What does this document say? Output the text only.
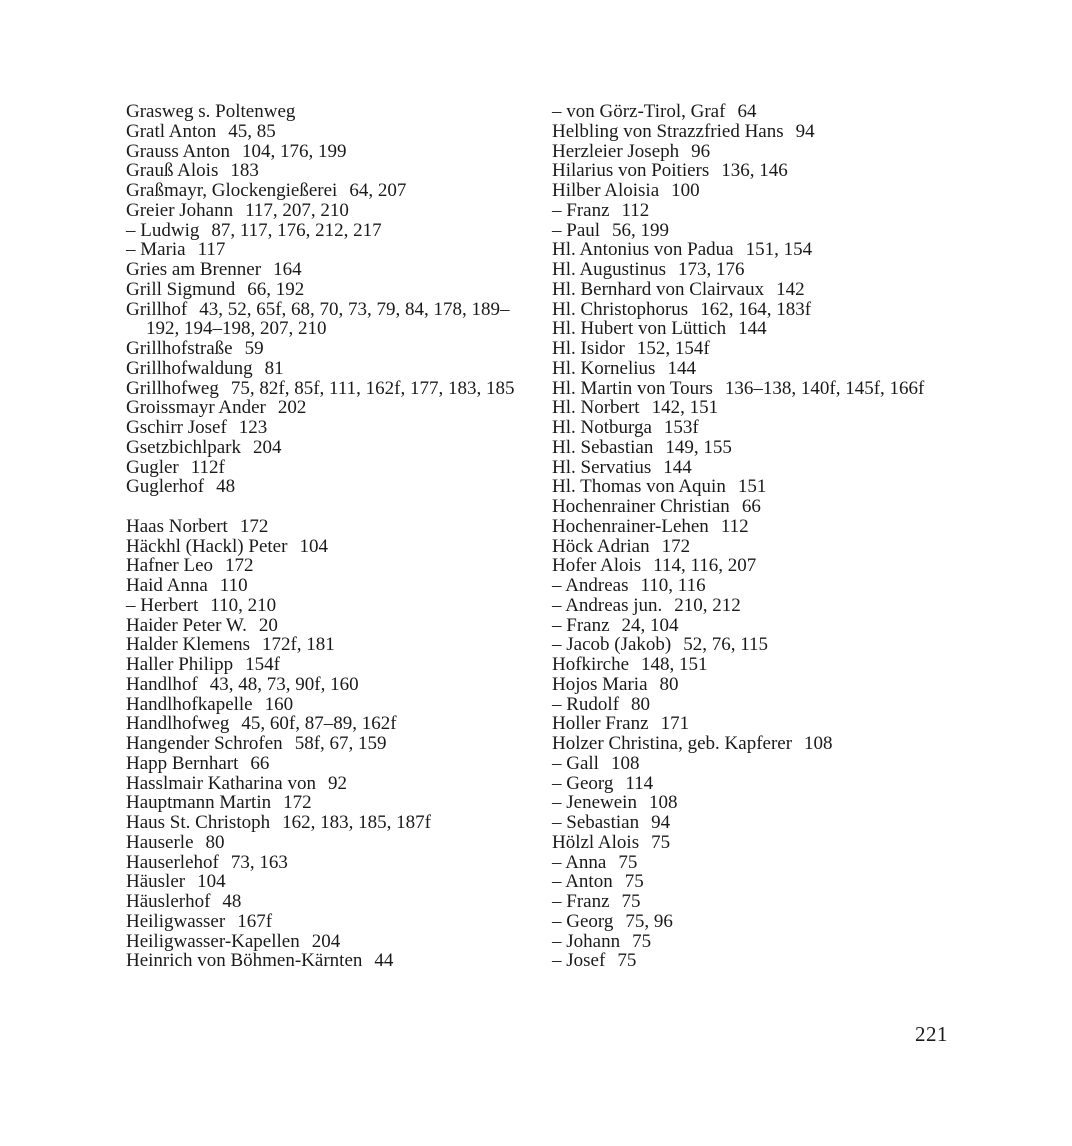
Grasweg s. Poltenweg
Gratl Anton 45, 85
Grauss Anton 104, 176, 199
Grauß Alois 183
Graßmayr, Glockengießerei 64, 207
Greier Johann 117, 207, 210
– Ludwig 87, 117, 176, 212, 217
– Maria 117
Gries am Brenner 164
Grill Sigmund 66, 192
Grillhof 43, 52, 65f, 68, 70, 73, 79, 84, 178, 189–192, 194–198, 207, 210
Grillhofstraße 59
Grillhofwaldung 81
Grillhofweg 75, 82f, 85f, 111, 162f, 177, 183, 185
Groissmayr Ander 202
Gschirr Josef 123
Gsetzbichlpark 204
Gugler 112f
Guglerhof 48
Haas Norbert 172
Häckhl (Hackl) Peter 104
Hafner Leo 172
Haid Anna 110
– Herbert 110, 210
Haider Peter W. 20
Halder Klemens 172f, 181
Haller Philipp 154f
Handlhof 43, 48, 73, 90f, 160
Handlhofkapelle 160
Handlhofweg 45, 60f, 87–89, 162f
Hangender Schrofen 58f, 67, 159
Happ Bernhart 66
Hasslmair Katharina von 92
Hauptmann Martin 172
Haus St. Christoph 162, 183, 185, 187f
Hauserle 80
Hauserlehof 73, 163
Häusler 104
Häuslerhof 48
Heiligwasser 167f
Heiligwasser-Kapellen 204
Heinrich von Böhmen-Kärnten 44
– von Görz-Tirol, Graf 64
Helbling von Strazzfried Hans 94
Herzleier Joseph 96
Hilarius von Poitiers 136, 146
Hilber Aloisia 100
– Franz 112
– Paul 56, 199
Hl. Antonius von Padua 151, 154
Hl. Augustinus 173, 176
Hl. Bernhard von Clairvaux 142
Hl. Christophorus 162, 164, 183f
Hl. Hubert von Lüttich 144
Hl. Isidor 152, 154f
Hl. Kornelius 144
Hl. Martin von Tours 136–138, 140f, 145f, 166f
Hl. Norbert 142, 151
Hl. Notburga 153f
Hl. Sebastian 149, 155
Hl. Servatius 144
Hl. Thomas von Aquin 151
Hochenrainer Christian 66
Hochenrainer-Lehen 112
Höck Adrian 172
Hofer Alois 114, 116, 207
– Andreas 110, 116
– Andreas jun. 210, 212
– Franz 24, 104
– Jacob (Jakob) 52, 76, 115
Hofkirche 148, 151
Hojos Maria 80
– Rudolf 80
Holler Franz 171
Holzer Christina, geb. Kapferer 108
– Gall 108
– Georg 114
– Jenewein 108
– Sebastian 94
Hölzl Alois 75
– Anna 75
– Anton 75
– Franz 75
– Georg 75, 96
– Johann 75
– Josef 75
221
